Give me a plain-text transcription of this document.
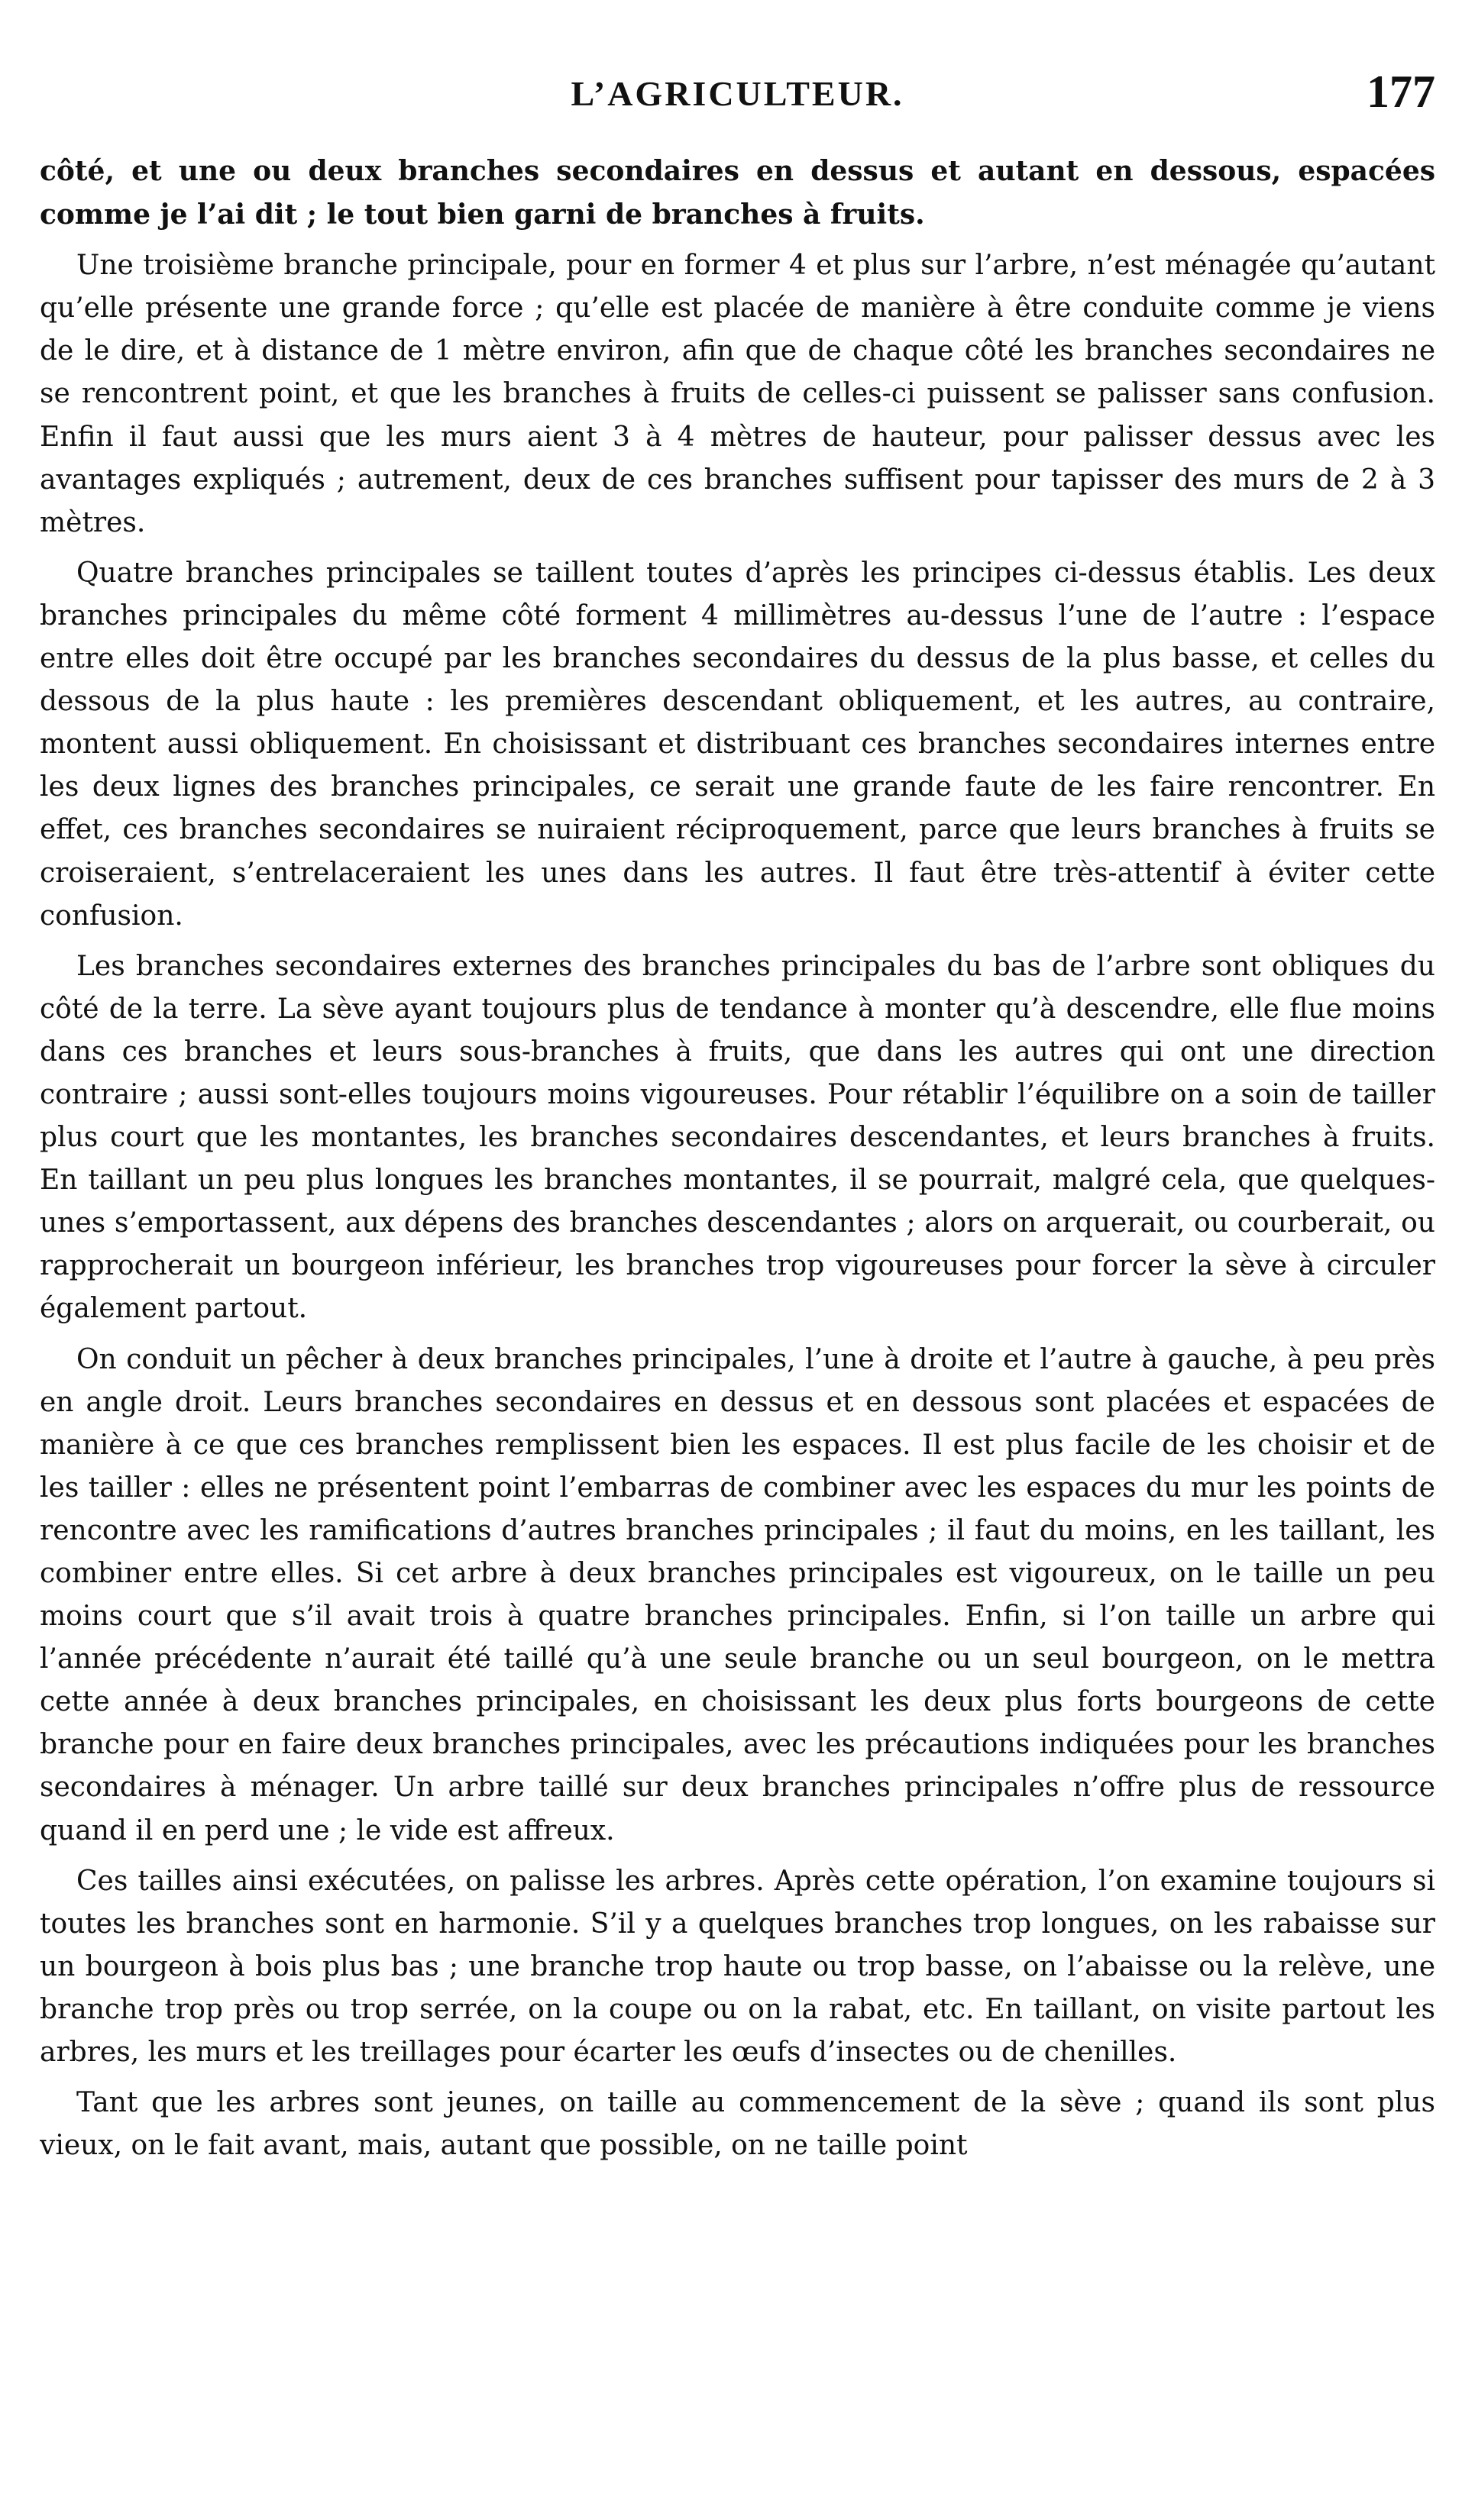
L’AGRICULTEUR.	177

côté, et une ou deux branches secondaires en dessus et autant en dessous, espacées comme je l’ai dit ; le tout bien garni de branches à fruits.

Une troisième branche principale, pour en former 4 et plus sur l’arbre, n’est ménagée qu’autant qu’elle présente une grande force ; qu’elle est placée de manière à être conduite comme je viens de le dire, et à distance de 1 mètre environ, afin que de chaque côté les branches secondaires ne se rencontrent point, et que les branches à fruits de celles-ci puissent se palisser sans confusion. Enfin il faut aussi que les murs aient 3 à 4 mètres de hauteur, pour palisser dessus avec les avantages expliqués ; autrement, deux de ces branches suffisent pour tapisser des murs de 2 à 3 mètres.

Quatre branches principales se taillent toutes d’après les principes ci-dessus établis. Les deux branches principales du même côté forment 4 millimètres au-dessus l’une de l’autre : l’espace entre elles doit être occupé par les branches secondaires du dessus de la plus basse, et celles du dessous de la plus haute : les premières descendant obliquement, et les autres, au contraire, montent aussi obliquement. En choisissant et distribuant ces branches secondaires internes entre les deux lignes des branches principales, ce serait une grande faute de les faire rencontrer. En effet, ces branches secondaires se nuiraient réciproquement, parce que leurs branches à fruits se croiseraient, s’entrelaceraient les unes dans les autres. Il faut être très-attentif à éviter cette confusion.

Les branches secondaires externes des branches principales du bas de l’arbre sont obliques du côté de la terre. La sève ayant toujours plus de tendance à monter qu’à descendre, elle flue moins dans ces branches et leurs sous-branches à fruits, que dans les autres qui ont une direction contraire ; aussi sont-elles toujours moins vigoureuses. Pour rétablir l’équilibre on a soin de tailler plus court que les montantes, les branches secondaires descendantes, et leurs branches à fruits. En taillant un peu plus longues les branches montantes, il se pourrait, malgré cela, que quelques-unes s’emportassent, aux dépens des branches descendantes ; alors on arquerait, ou courberait, ou rapprocherait un bourgeon inférieur, les branches trop vigoureuses pour forcer la sève à circuler également partout.

On conduit un pêcher à deux branches principales, l’une à droite et l’autre à gauche, à peu près en angle droit. Leurs branches secondaires en dessus et en dessous sont placées et espacées de manière à ce que ces branches remplissent bien les espaces. Il est plus facile de les choisir et de les tailler : elles ne présentent point l’embarras de combiner avec les espaces du mur les points de rencontre avec les ramifications d’autres branches principales ; il faut du moins, en les taillant, les combiner entre elles. Si cet arbre à deux branches principales est vigoureux, on le taille un peu moins court que s’il avait trois à quatre branches principales. Enfin, si l’on taille un arbre qui l’année précédente n’aurait été taillé qu’à une seule branche ou un seul bourgeon, on le mettra cette année à deux branches principales, en choisissant les deux plus forts bourgeons de cette branche pour en faire deux branches principales, avec les précautions indiquées pour les branches secondaires à ménager. Un arbre taillé sur deux branches principales n’offre plus de ressource quand il en perd une ; le vide est affreux.

Ces tailles ainsi exécutées, on palisse les arbres. Après cette opération, l’on examine toujours si toutes les branches sont en harmonie. S’il y a quelques branches trop longues, on les rabaisse sur un bourgeon à bois plus bas ; une branche trop haute ou trop basse, on l’abaisse ou la relève, une branche trop près ou trop serrée, on la coupe ou on la rabat, etc. En taillant, on visite partout les arbres, les murs et les treillages pour écarter les œufs d’insectes ou de chenilles.

Tant que les arbres sont jeunes, on taille au commencement de la sève ; quand ils sont plus vieux, on le fait avant, mais, autant que possible, on ne taille point
